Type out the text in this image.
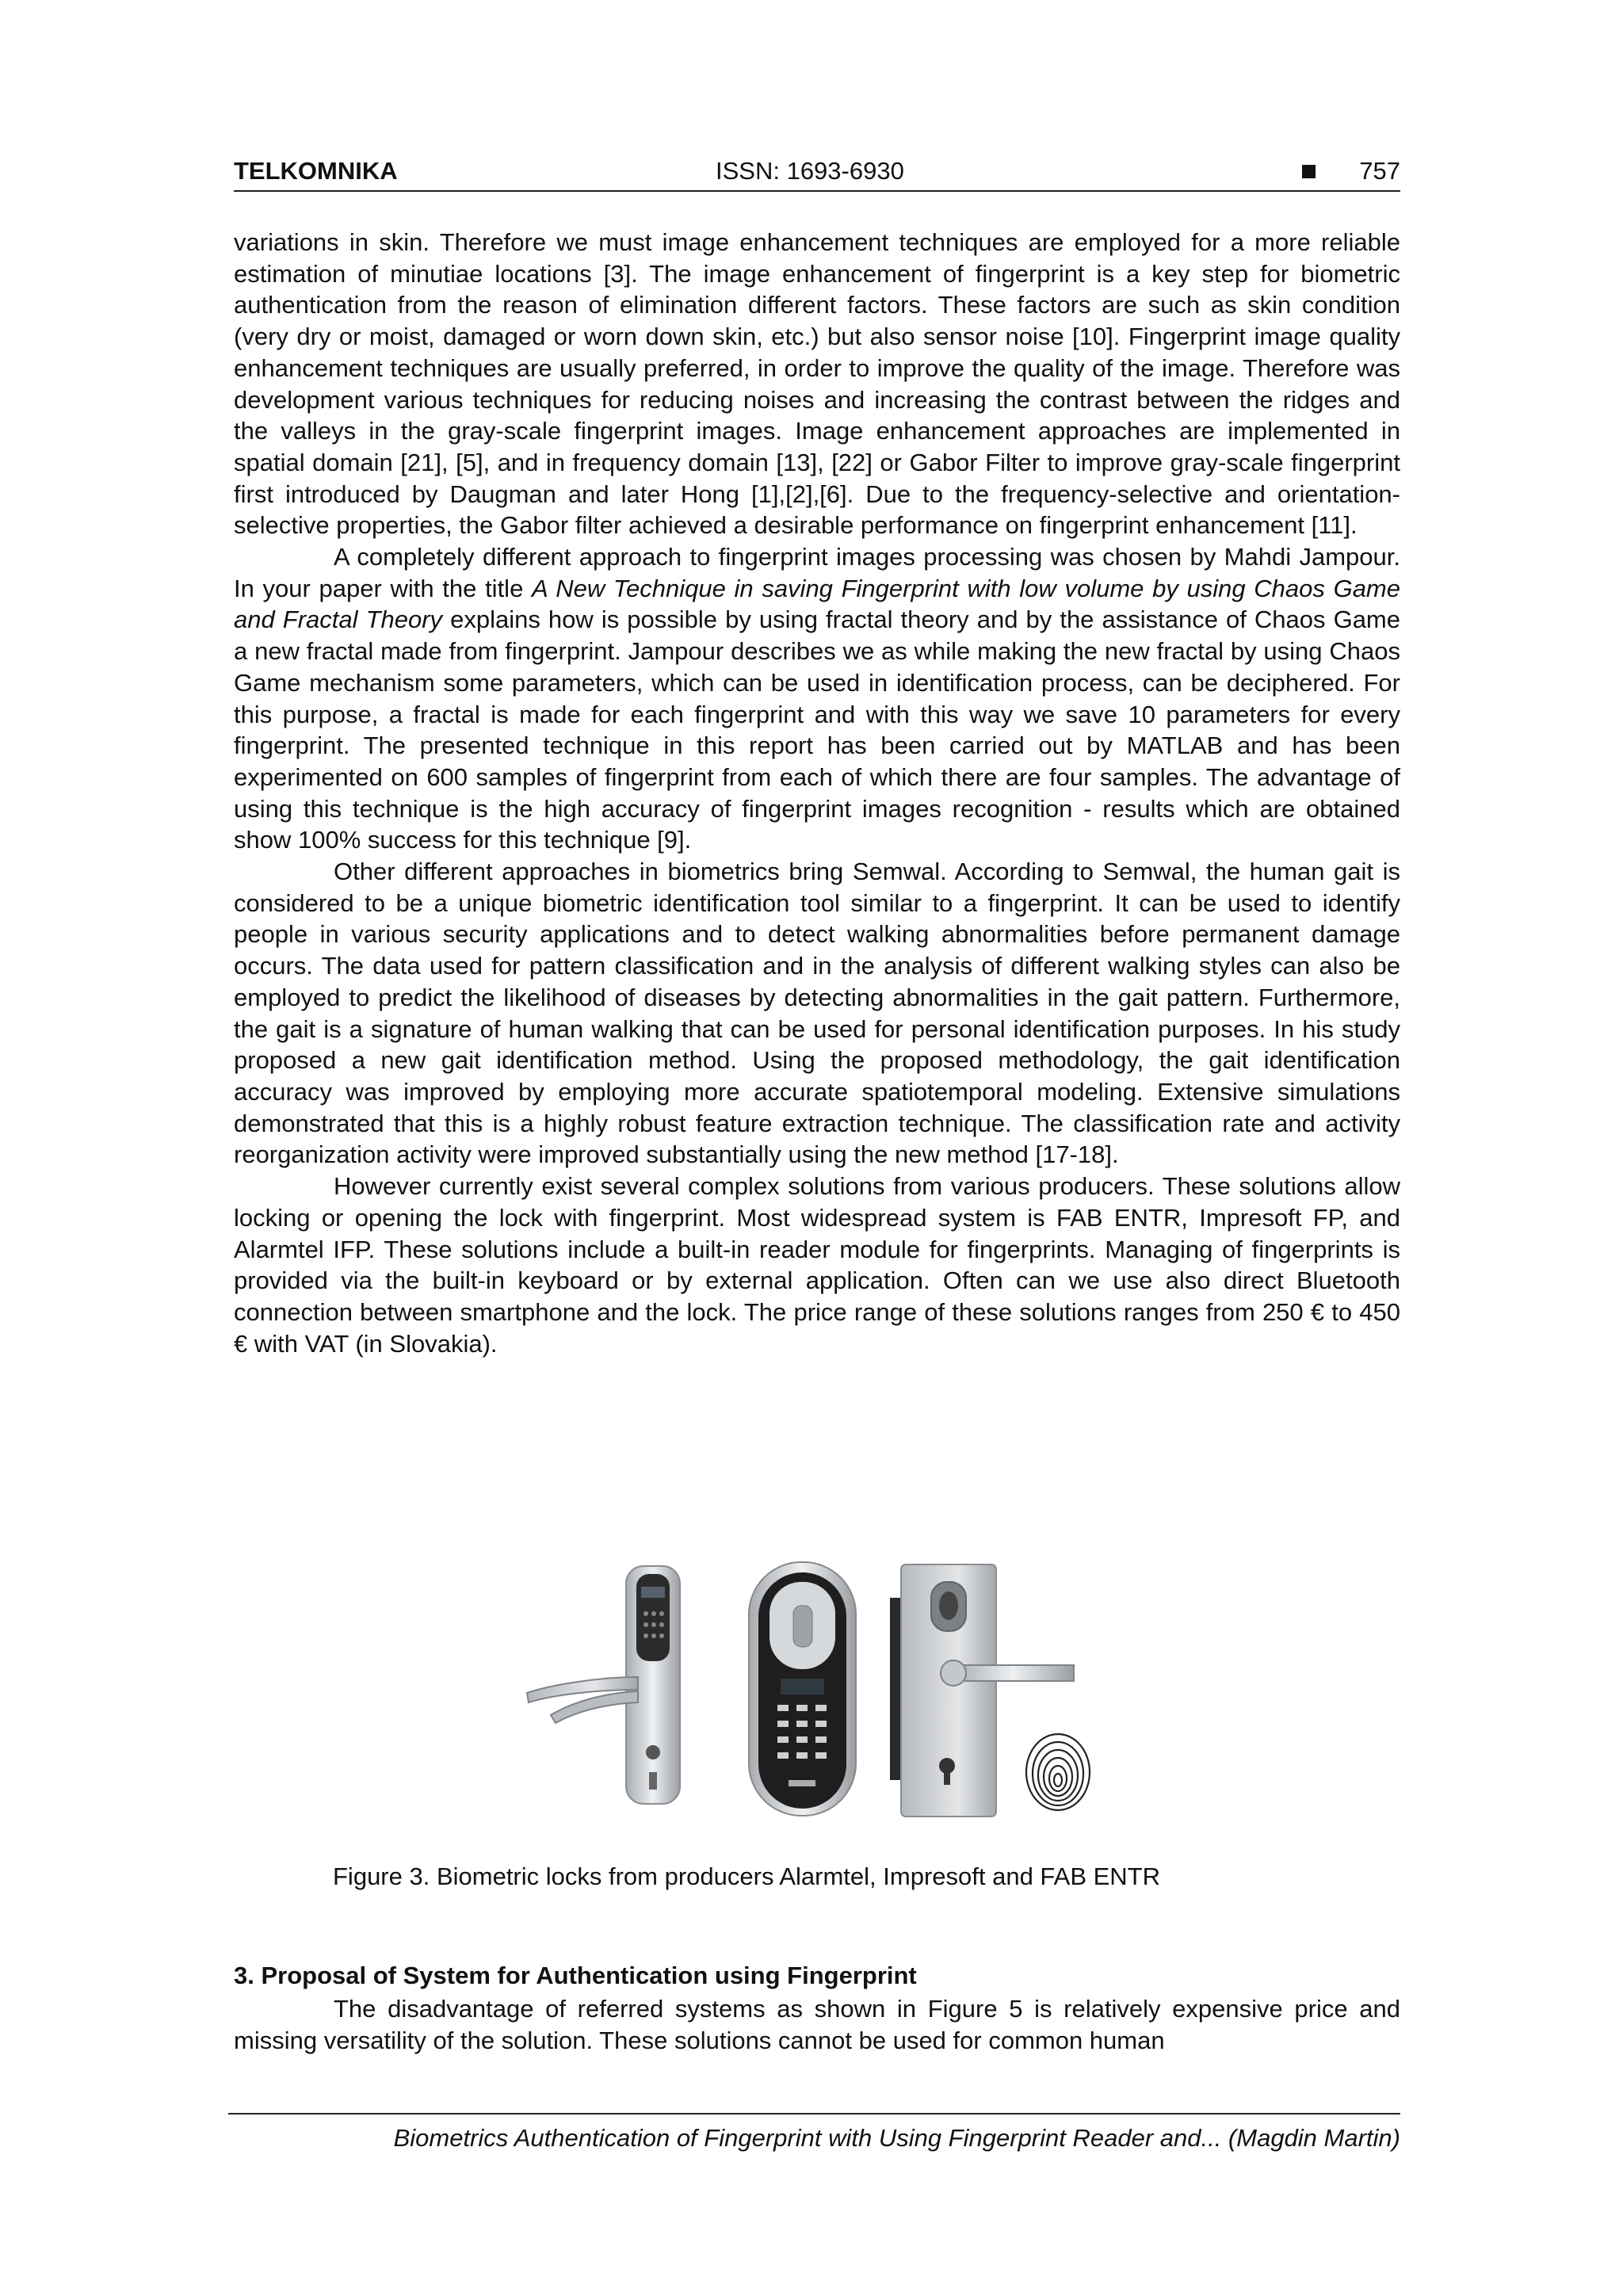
TELKOMNIKA	ISSN: 1693-6930	757

variations in skin. Therefore we must image enhancement techniques are employed for a more reliable estimation of minutiae locations [3]. The image enhancement of fingerprint is a key step for biometric authentication from the reason of elimination different factors. These factors are such as skin condition (very dry or moist, damaged or worn down skin, etc.) but also sensor noise [10]. Fingerprint image quality enhancement techniques are usually preferred, in order to improve the quality of the image. Therefore was development various techniques for reducing noises and increasing the contrast between the ridges and the valleys in the gray-scale fingerprint images. Image enhancement approaches are implemented in spatial domain [21], [5], and in frequency domain [13], [22] or Gabor Filter to improve gray-scale fingerprint first introduced by Daugman and later Hong [1],[2],[6]. Due to the frequency-selective and orientation-selective properties, the Gabor filter achieved a desirable performance on fingerprint enhancement [11].

A completely different approach to fingerprint images processing was chosen by Mahdi Jampour. In your paper with the title A New Technique in saving Fingerprint with low volume by using Chaos Game and Fractal Theory explains how is possible by using fractal theory and by the assistance of Chaos Game a new fractal made from fingerprint. Jampour describes we as while making the new fractal by using Chaos Game mechanism some parameters, which can be used in identification process, can be deciphered. For this purpose, a fractal is made for each fingerprint and with this way we save 10 parameters for every fingerprint. The presented technique in this report has been carried out by MATLAB and has been experimented on 600 samples of fingerprint from each of which there are four samples. The advantage of using this technique is the high accuracy of fingerprint images recognition - results which are obtained show 100% success for this technique [9].

Other different approaches in biometrics bring Semwal. According to Semwal, the human gait is considered to be a unique biometric identification tool similar to a fingerprint. It can be used to identify people in various security applications and to detect walking abnormalities before permanent damage occurs. The data used for pattern classification and in the analysis of different walking styles can also be employed to predict the likelihood of diseases by detecting abnormalities in the gait pattern. Furthermore, the gait is a signature of human walking that can be used for personal identification purposes. In his study proposed a new gait identification method. Using the proposed methodology, the gait identification accuracy was improved by employing more accurate spatiotemporal modeling. Extensive simulations demonstrated that this is a highly robust feature extraction technique. The classification rate and activity reorganization activity were improved substantially using the new method [17-18].

However currently exist several complex solutions from various producers. These solutions allow locking or opening the lock with fingerprint. Most widespread system is FAB ENTR, Impresoft FP, and Alarmtel IFP. These solutions include a built-in reader module for fingerprints. Managing of fingerprints is provided via the built-in keyboard or by external application. Often can we use also direct Bluetooth connection between smartphone and the lock. The price range of these solutions ranges from 250 € to 450 € with VAT (in Slovakia).

Figure 3. Biometric locks from producers Alarmtel, Impresoft and FAB ENTR
3. Proposal of System for Authentication using Fingerprint

The disadvantage of referred systems as shown in Figure 5 is relatively expensive price and missing versatility of the solution. These solutions cannot be used for common human

Biometrics Authentication of Fingerprint with Using Fingerprint Reader and... (Magdin Martin)
